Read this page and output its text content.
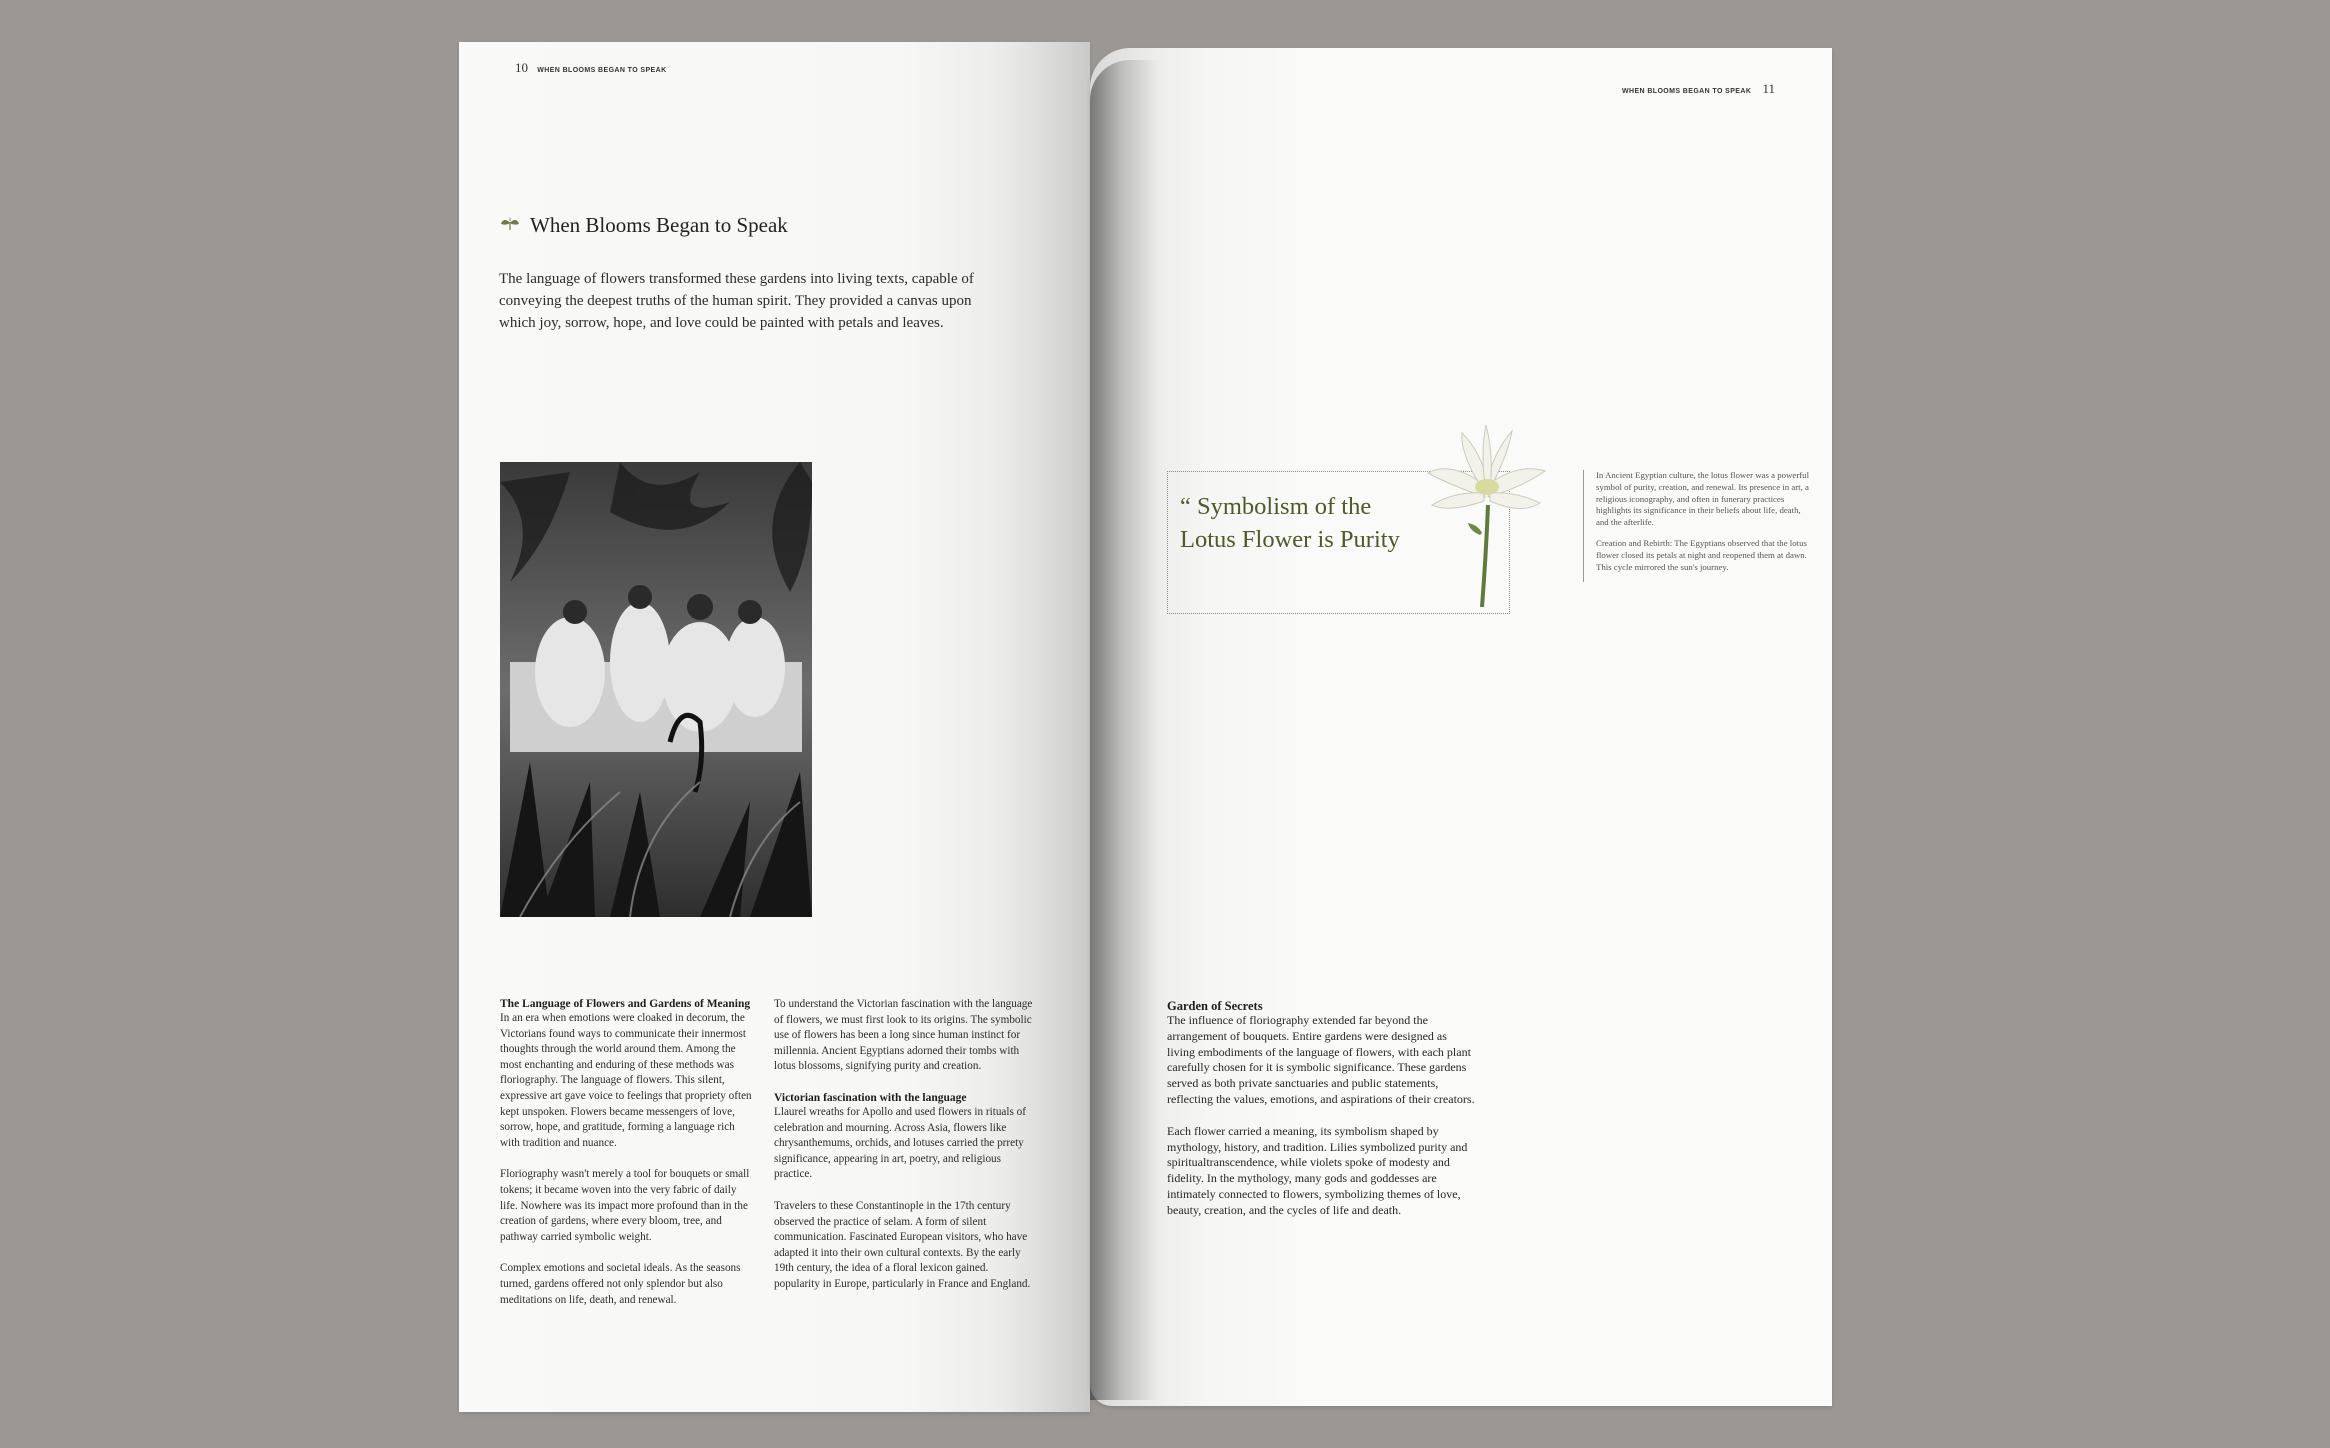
10 WHEN BLOOMS BEGAN TO SPEAK
WHEN BLOOMS BEGAN TO SPEAK 11
When Blooms Began to Speak
The language of flowers transformed these gardens into living texts, capable of conveying the deepest truths of the human spirit. They provided a canvas upon which joy, sorrow, hope, and love could be painted with petals and leaves.
The Language of Flowers and Gardens of Meaning

In an era when emotions were cloaked in decorum, the Victorians found ways to communicate their innermost thoughts through the world around them. Among the most enchanting and enduring of these methods was floriography. The language of flowers. This silent, expressive art gave voice to feelings that propriety often kept unspoken. Flowers became messengers of love, sorrow, hope, and gratitude, forming a language rich with tradition and nuance.

Floriography wasn't merely a tool for bouquets or small tokens; it became woven into the very fabric of daily life. Nowhere was its impact more profound than in the creation of gardens, where every bloom, tree, and pathway carried symbolic weight.

Complex emotions and societal ideals. As the seasons turned, gardens offered not only splendor but also meditations on life, death, and renewal.

To understand the Victorian fascination with the language of flowers, we must first look to its origins. The symbolic use of flowers has been a long since human instinct for millennia. Ancient Egyptians adorned their tombs with lotus blossoms, signifying purity and creation.

Victorian fascination with the language

Llaurel wreaths for Apollo and used flowers in rituals of celebration and mourning. Across Asia, flowers like chrysanthemums, orchids, and lotuses carried the prrety significance, appearing in art, poetry, and religious practice.

Travelers to these Constantinople in the 17th century observed the practice of selam. A form of silent communication. Fascinated European visitors, who have adapted it into their own cultural contexts. By the early 19th century, the idea of a floral lexicon gained. popularity in Europe, particularly in France and England.

“ Symbolism of the Lotus Flower is Purity

In Ancient Egyptian culture, the lotus flower was a powerful symbol of purity, creation, and renewal. Its presence in art, a religious iconography, and often in funerary practices highlights its significance in their beliefs about life, death, and the afterlife.

Creation and Rebirth: The Egyptians observed that the lotus flower closed its petals at night and reopened them at dawn. This cycle mirrored the sun's journey.

Garden of Secrets

The influence of floriography extended far beyond the arrangement of bouquets. Entire gardens were designed as living embodiments of the language of flowers, with each plant carefully chosen for it is symbolic significance. These gardens served as both private sanctuaries and public statements, reflecting the values, emotions, and aspirations of their creators.

Each flower carried a meaning, its symbolism shaped by mythology, history, and tradition. Lilies symbolized purity and spiritualtranscendence, while violets spoke of modesty and fidelity. In the mythology, many gods and goddesses are intimately connected to flowers, symbolizing themes of love, beauty, creation, and the cycles of life and death.
